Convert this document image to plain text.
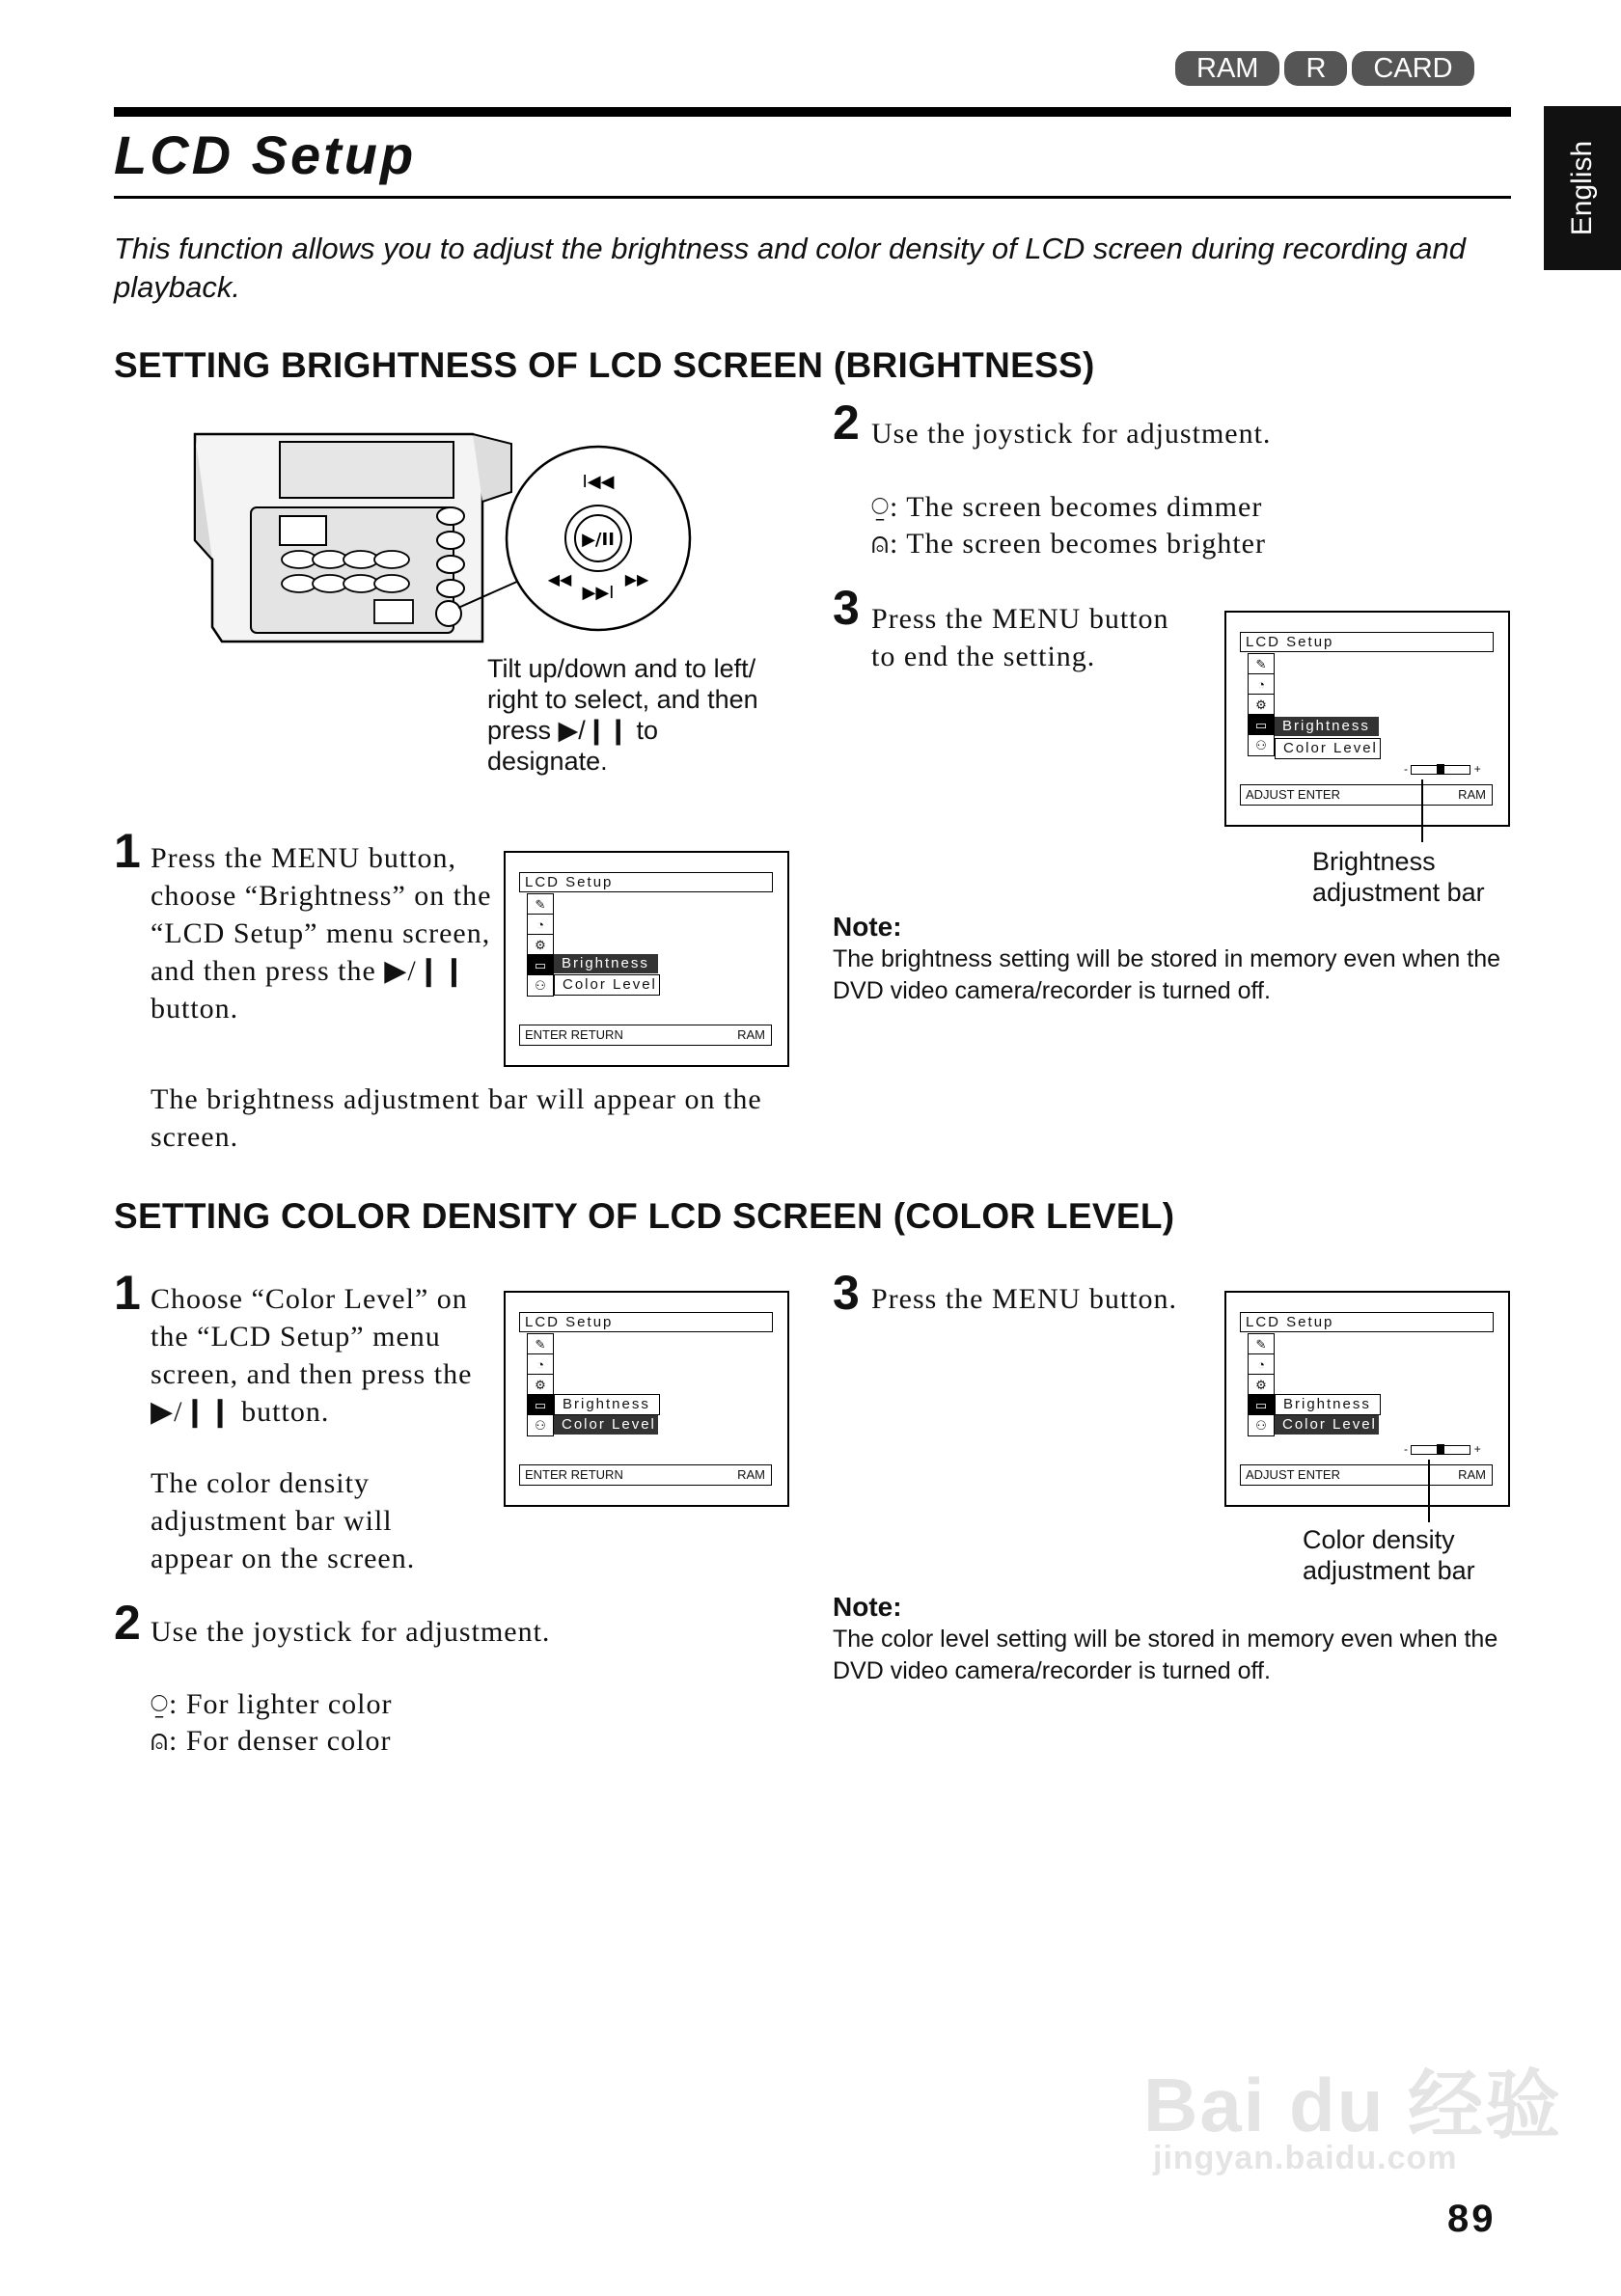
RAM	R	CARD
LCD Setup	English
This function allows you to adjust the brightness and color density of LCD screen during recording and playback.
SETTING BRIGHTNESS OF LCD SCREEN (BRIGHTNESS)
▶/II
I◀◀
▶▶I
◀◀	▶▶
Tilt up/down and to left/ right to select, and then press ▶/❙❙ to designate.
1 Press the MENU button, choose “Brightness” on the “LCD Setup” menu screen, and then press the ▶/❙❙ button.
The brightness adjustment bar will appear on the screen.
LCD Setup
✎
◔
⚙
▭
⚇
Brightness
Color Level
ENTER RETURN	RAM
2 Use the joystick for adjustment.
⍜: The screen becomes dimmer
⍝: The screen becomes brighter
3 Press the MENU button to end the setting.	LCD Setup
✎
◔
⚙
▭
⚇
Brightness
Color Level
-	+
ADJUST ENTER	RAM
Brightness adjustment bar
Note:
The brightness setting will be stored in memory even when the DVD video camera/recorder is turned off.
SETTING COLOR DENSITY OF LCD SCREEN (COLOR LEVEL)
1 Choose “Color Level” on the “LCD Setup” menu screen, and then press the ▶/❙❙ button.
The color density adjustment bar will appear on the screen.
LCD Setup
✎
◔
⚙
▭
⚇
Brightness
Color Level
ENTER RETURN	RAM
2 Use the joystick for adjustment.
⍜: For lighter color
⍝: For denser color
3 Press the MENU button.
LCD Setup
✎
◔
⚙
▭
⚇
Brightness
Color Level
-	+
ADJUST ENTER	RAM
Color density adjustment bar
Note:
The color level setting will be stored in memory even when the DVD video camera/recorder is turned off.
Bai du 经验
jingyan.baidu.com
89
